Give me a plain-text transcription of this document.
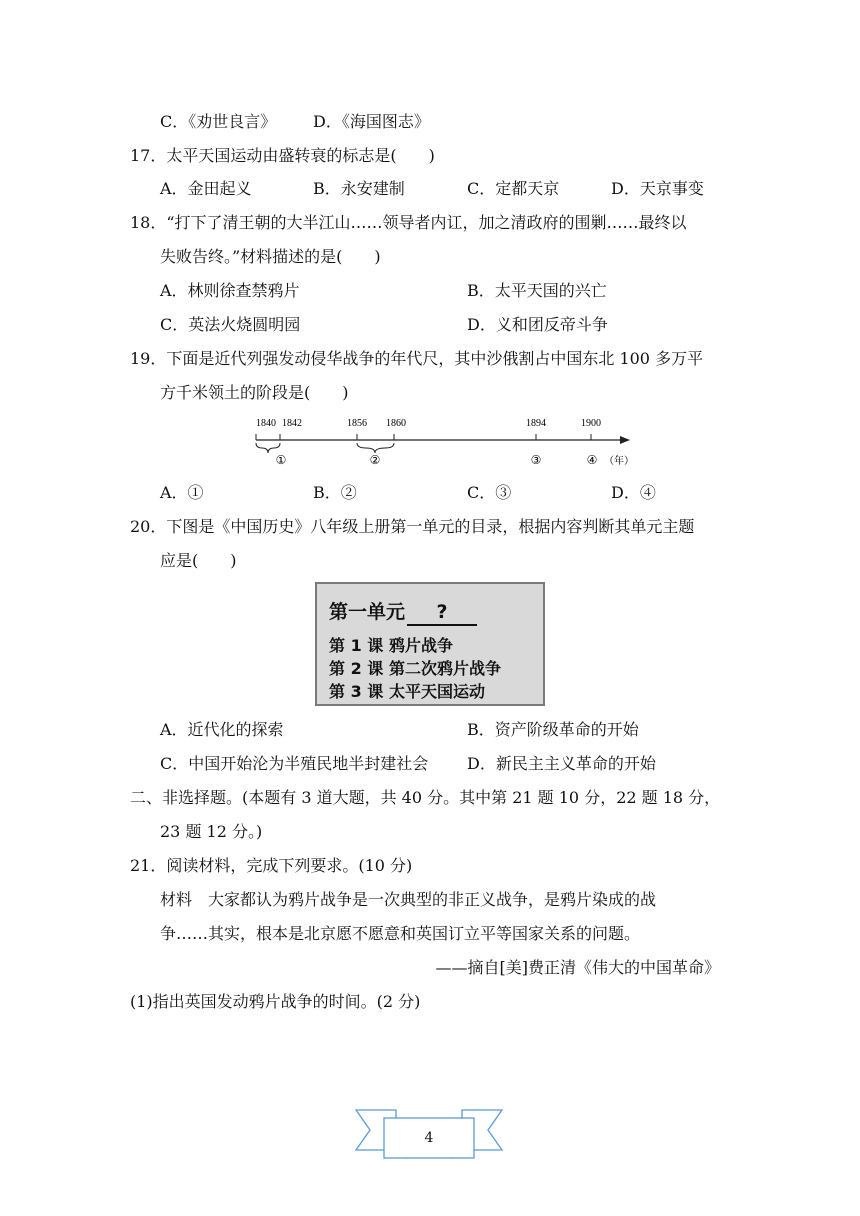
C．《劝世良言》 D．《海国图志》
17．太平天国运动由盛转衰的标志是(　　)
A．金田起义	B．永安建制	C．定都天京	D．天京事变
18．“打下了清王朝的大半江山……领导者内讧，加之清政府的围剿……最终以
失败告终。”材料描述的是(　　)
A．林则徐查禁鸦片	B．太平天国的兴亡
C．英法火烧圆明园	D．义和团反帝斗争
19．下面是近代列强发动侵华战争的年代尺，其中沙俄割占中国东北 100 多万平
方千米领土的阶段是(　　)
1840 1842	1856 1860	1894	1900
①	②	③	④ （年）
A．①	B．②	C．③	D．④
20．下图是《中国历史》八年级上册第一单元的目录，根据内容判断其单元主题
应是(　　)
第一单元 ?
第 1 课 鸦片战争
第 2 课 第二次鸦片战争
第 3 课 太平天国运动
A．近代化的探索	B．资产阶级革命的开始
C．中国开始沦为半殖民地半封建社会 D．新民主主义革命的开始
二、非选择题。(本题有 3 道大题，共 40 分。其中第 21 题 10 分，22 题 18 分，
23 题 12 分。)
21．阅读材料，完成下列要求。(10 分)
材料　大家都认为鸦片战争是一次典型的非正义战争，是鸦片染成的战
争……其实，根本是北京愿不愿意和英国订立平等国家关系的问题。
——摘自[美]费正清《伟大的中国革命》
(1)指出英国发动鸦片战争的时间。(2 分)
4
